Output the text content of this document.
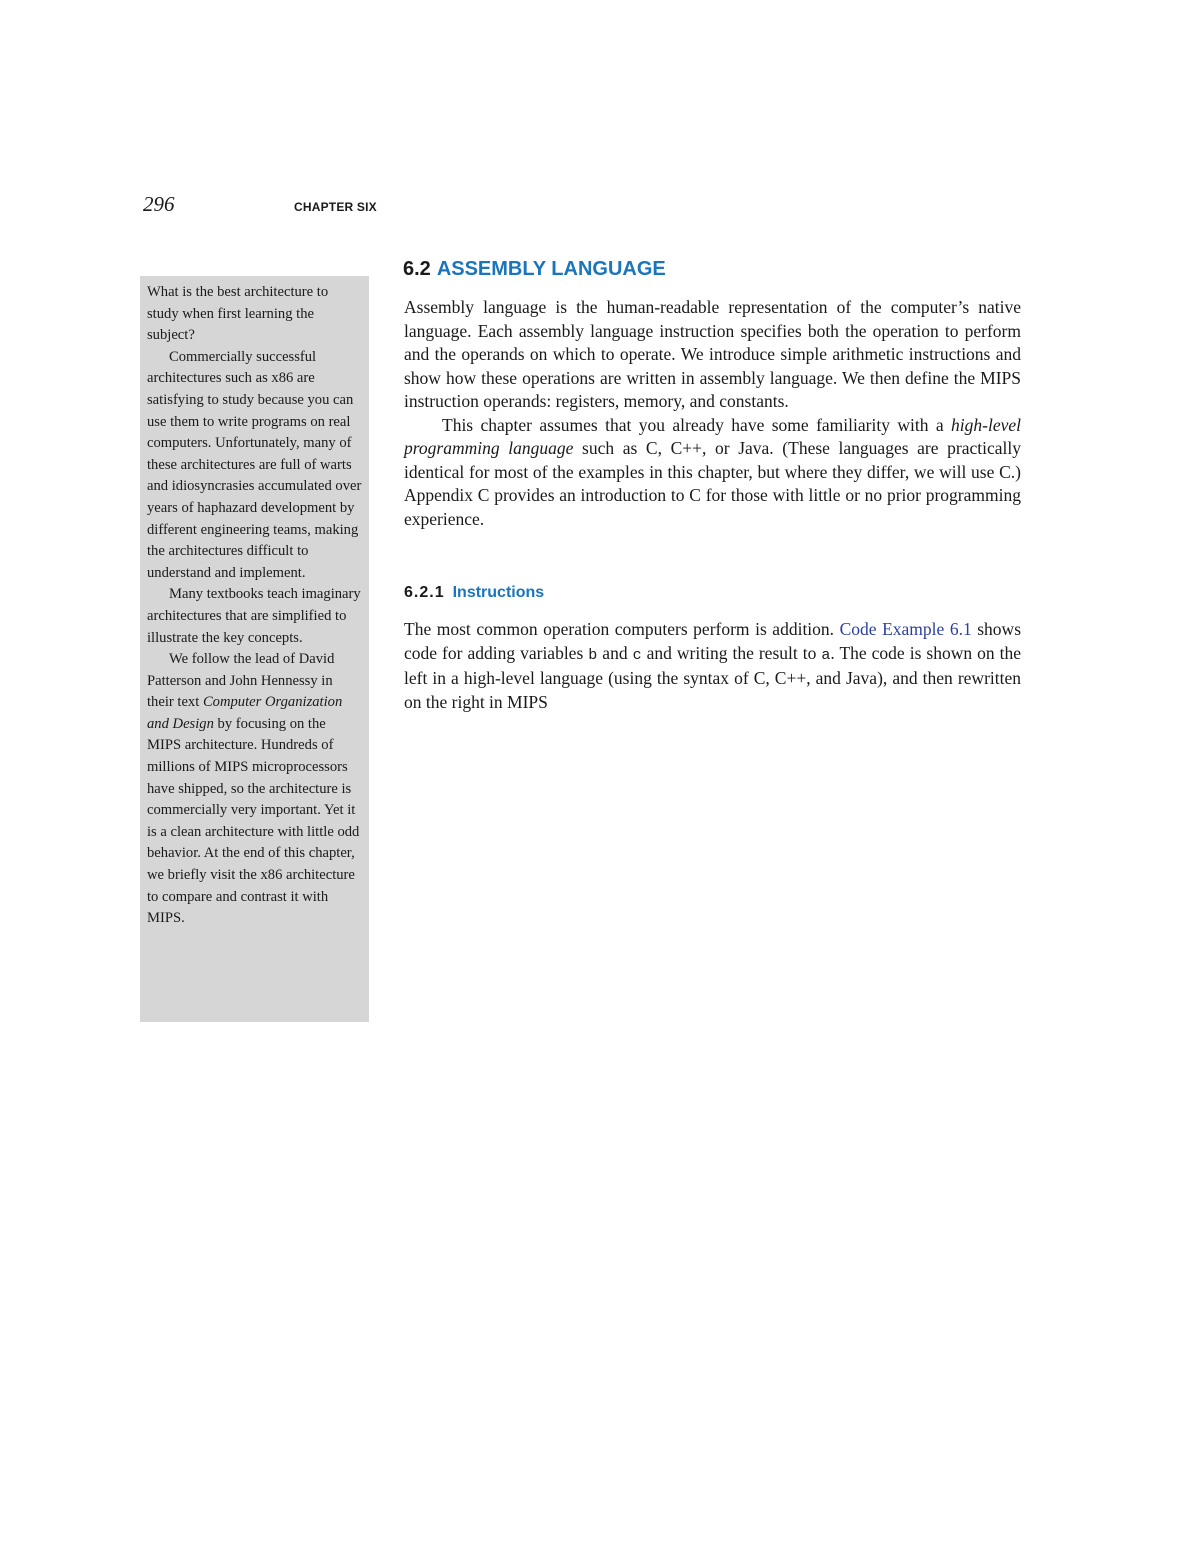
296	CHAPTER SIX

What is the best architecture to study when first learning the subject?

Commercially successful architectures such as x86 are satisfying to study because you can use them to write programs on real computers. Unfortunately, many of these architectures are full of warts and idiosyncrasies accumulated over years of haphazard development by different engineering teams, making the architectures difficult to understand and implement.

Many textbooks teach imaginary architectures that are simplified to illustrate the key concepts.

We follow the lead of David Patterson and John Hennessy in their text Computer Organization and Design by focusing on the MIPS architecture. Hundreds of millions of MIPS microprocessors have shipped, so the architecture is commercially very important. Yet it is a clean architecture with little odd behavior. At the end of this chapter, we briefly visit the x86 architecture to compare and contrast it with MIPS.

6.2 ASSEMBLY LANGUAGE

Assembly language is the human-readable representation of the computer’s native language. Each assembly language instruction specifies both the operation to perform and the operands on which to operate. We introduce simple arithmetic instructions and show how these operations are written in assembly language. We then define the MIPS instruction operands: registers, memory, and constants.

This chapter assumes that you already have some familiarity with a high-level programming language such as C, C++, or Java. (These languages are practically identical for most of the examples in this chapter, but where they differ, we will use C.) Appendix C provides an introduction to C for those with little or no prior programming experience.

6.2.1 Instructions

The most common operation computers perform is addition. Code Example 6.1 shows code for adding variables b and c and writing the result to a. The code is shown on the left in a high-level language (using the syntax of C, C++, and Java), and then rewritten on the right in MIPS
